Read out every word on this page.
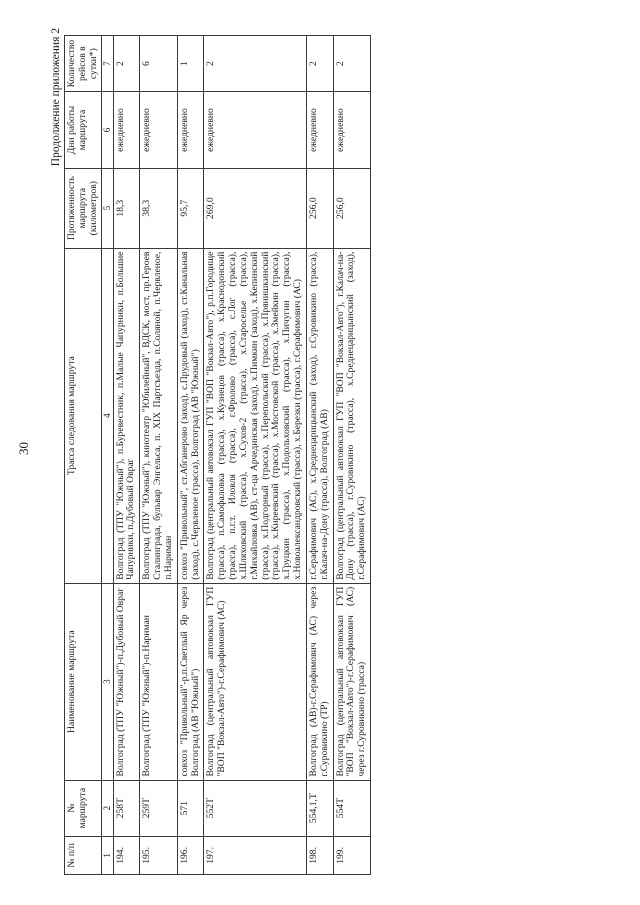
30
Продолжение приложения 2
№ п/п	№ маршрута	Наименование маршрута	Трасса следования маршрута	Протяженность маршрута (километров)	Дни работы маршрута	Количество рейсов в сутки*)
1	2	3	4	5	6	7
194.	258Т	Волгоград (ТПУ "Южный")-п.Дубовый Овраг	Волгоград (ТПУ "Южный"), п.Буревестник, п.Малые Чапурники, п.Большие Чапурники, п.Дубовый Овраг	18,3	ежедневно	2
195.	259Т	Волгоград (ТПУ "Южный")-п.Нариман	Волгоград (ТПУ "Южный"), кинотеатр "Юбилейный", ВДСК, мост, пр.Героев Сталинграда, бульвар Энгельса, п. XIX Партсъезда, п.Соляной, п.Червленое, п.Нариман	38,3	ежедневно	6
196.	571	совхоз "Привольный"-р.п.Светлый Яр через Волгоград (АВ "Южный")	совхоз "Привольный", ст.Абганерово (заход), с.Прудовый (заход), ст.Канальная (заход), с.Червленое (трасса), Волгоград (АВ "Южный")	95,7	ежедневно	1
197.	552Т	Волгоград (центральный автовокзал ГУП "ВОП "Вокзал-Авто")-г.Серафимович (АС)	Волгоград (центральный автовокзал ГУП "ВОП "Вокзал-Авто"), р.п.Городище (трасса), п.Самофаловка (трасса), х.Кузнецов (трасса), х.Краснодонский (трасса), п.г.т. Иловля (трасса), г.Фролово (трасса), с.Лог (трасса), х.Шляховский (трасса), х.Сухов-2 (трасса), х.Староселье (трасса), г.Михайловка (АВ), ст-ца Арчединская (заход), х.Пимкин (заход), х.Кепинский (трасса), х.Подгорный (трасса), х.Перепольский (трасса), х.Прянишкинский (трасса), х.Киреевский (трасса), х.Мостовской (трасса), х.Змейкин (трасса), х.Груцкин (трасса), х.Подольховский (трасса), х.Пичугин (трасса), х.Новоалександровский (трасса), х.Березки (трасса), г.Серафимович (АС)	269,0	ежедневно	2
198.	554,1,Т	Волгоград (АВ)-г.Серафимович (АС) через г.Суровикино (ТР)	г.Серафимович (АС), х.Среднецарицынский (заход), г.Суровикино (трасса), г.Калач-на-Дону (трасса), Волгоград (АВ)	256,0	ежедневно	2
199.	554Т	Волгоград (центральный автовокзал ГУП "ВОП "Вокзал-Авто")-г.Серафимович (АС) через г.Суровикино (трасса)	Волгоград (центральный автовокзал ГУП "ВОП "Вокзал-Авто"), г.Калач-на-Дону (трасса), г.Суровикино (трасса), х.Среднецарицынский (заход), г.Серафимович (АС)	256,0	ежедневно	2
